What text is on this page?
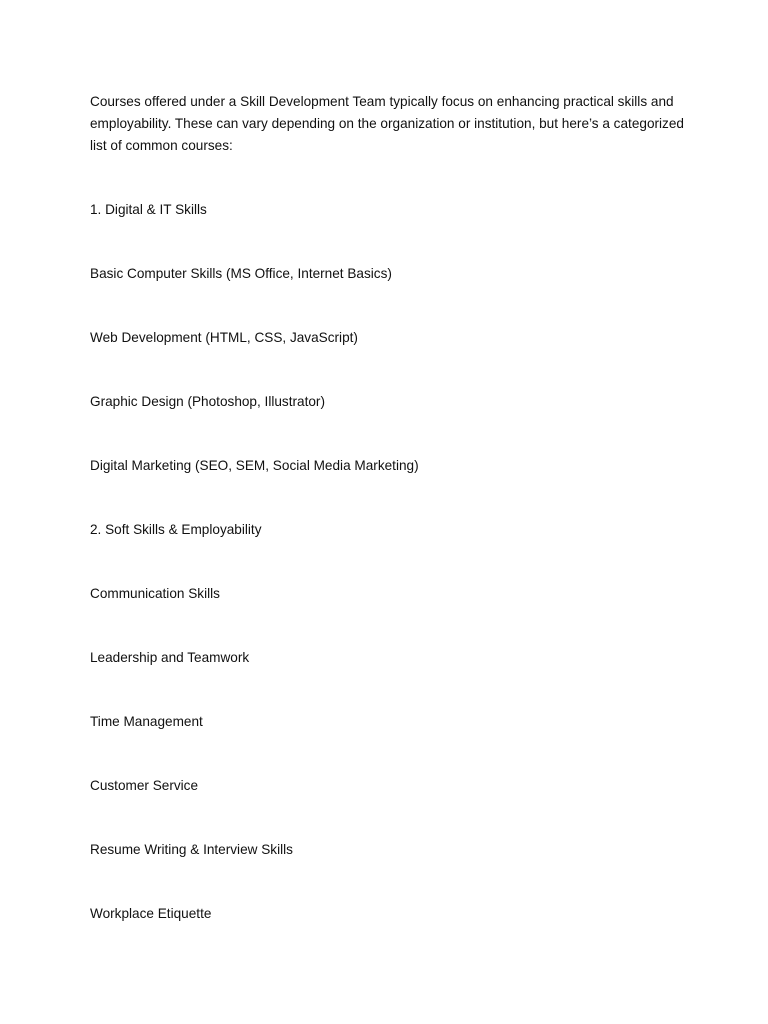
Courses offered under a Skill Development Team typically focus on enhancing practical skills and employability. These can vary depending on the organization or institution, but here’s a categorized list of common courses:

1. Digital & IT Skills

Basic Computer Skills (MS Office, Internet Basics)

Web Development (HTML, CSS, JavaScript)

Graphic Design (Photoshop, Illustrator)

Digital Marketing (SEO, SEM, Social Media Marketing)

2. Soft Skills & Employability

Communication Skills

Leadership and Teamwork

Time Management

Customer Service

Resume Writing & Interview Skills

Workplace Etiquette
